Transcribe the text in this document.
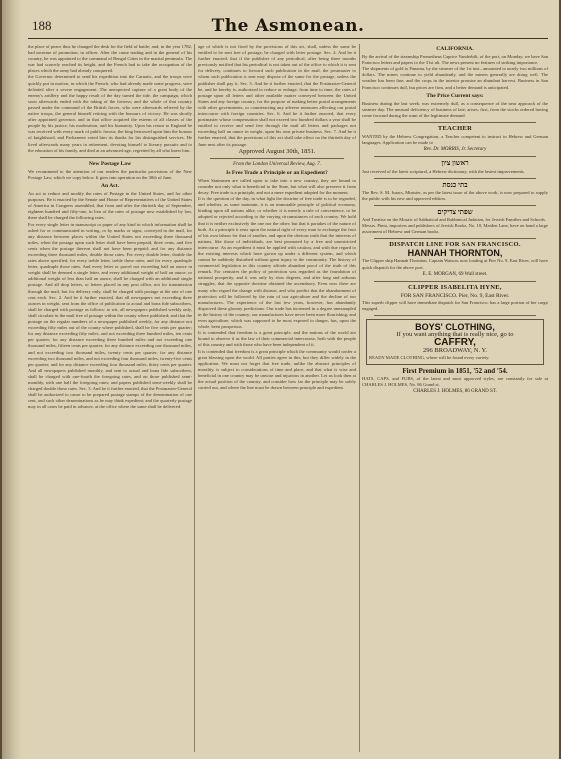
188	The Asmonean.
the place of peace thus he changed the desk for the field of battle; and, in the year 1782, had increase of promotion, in officer. After the cause trading and in the general of his country, he was appointed to the command of Bengal Cities in the marital peninsula. The war had scarcely reached its height, and the French had to take the occupation of the places which the army had already conquered.
the Governor determined to send his expedition into the Carnatic, and the troops were quickly put in motion, in which the French, who had already made some progress, were defeated after a severe engagement. The unexpected capture of a great body of the enemy's artillery and the happy result of the day turned the tide. the campaign, which soon afterwards ended with the taking of the fortress; and the whole of that country passed under the command of the British forces, who were afterwards relieved by the native troops, the general himself retiring with the honours of victory. He was shortly after appointed governor, and in that office acquired the esteem of all classes of the people by his justice, his moderation, and his humanity. Upon his return to England he was received with every mark of public favour; the king bestowed upon him the honour of knighthood, and Parliament voted him its thanks for his distinguished services. He lived afterwards many years in retirement, devoting himself to literary pursuits and to the education of his family, and died at an advanced age, regretted by all who knew him.
New Postage Law
We recommend to the attention of our readers the particular provisions of the New Postage Law, which we copy below. It goes into operation on the 30th of June.
An Act.
An act to reduce and modify the rates of Postage in the United States, and for other purposes. Be it enacted by the Senate and House of Representatives of the United States of America in Congress assembled, that from and after the thirtieth day of September, eighteen hundred and fifty-one, in lieu of the rates of postage now established by law, there shall be charged the following rates.
For every single letter in manuscript or paper of any kind in which information shall be asked for or communicated in writing, or by marks or signs, conveyed in the mail, for any distance between places within the United States not exceeding three thousand miles, when the postage upon such letter shall have been prepaid, three cents, and five cents when the postage thereon shall not have been prepaid; and for any distance exceeding three thousand miles, double those rates. For every double letter, double the rates above specified; for every treble letter, treble those rates; and for every quadruple letter, quadruple those rates. And every letter or parcel not exceeding half an ounce in weight shall be deemed a single letter, and every additional weight of half an ounce, or additional weight of less than half an ounce, shall be charged with an additional single postage. And all drop letters, or letters placed in any post office, not for transmission through the mail, but for delivery only, shall be charged with postage at the rate of one cent each. Sec. 2. And be it further enacted, that all newspapers not exceeding three ounces in weight, sent from the office of publication to actual and bona fide subscribers, shall be charged with postage as follows: to wit, all newspapers published weekly only, shall circulate in the mail free of postage within the county where published; and that the postage on the regular numbers of a newspaper published weekly, for any distance not exceeding fifty miles out of the county where published, shall be five cents per quarter; for any distance exceeding fifty miles, and not exceeding three hundred miles, ten cents per quarter; for any distance exceeding three hundred miles and not exceeding one thousand miles, fifteen cents per quarter; for any distance exceeding one thousand miles, and not exceeding two thousand miles, twenty cents per quarter; for any distance exceeding two thousand miles, and not exceeding four thousand miles, twenty-five cents per quarter; and for any distance exceeding four thousand miles, thirty cents per quarter. And all newspapers published monthly, and sent to actual and bona fide subscribers, shall be charged with one-fourth the foregoing rates, and on those published semi-monthly, with one half the foregoing rates; and papers published semi-weekly shall be charged double those rates. Sec. 3. And be it further enacted, that the Postmaster-General shall be authorized to cause to be prepared postage stamps of the denomination of one cent, and such other denominations as he may think expedient; and the quarterly postage may in all cases be paid in advance, at the office where the same shall be delivered.
age of which is not fixed by the provisions of this act, shall, unless the same be entitled to be sent free of postage, be charged with letter postage. Sec. 4. And be it further enacted, that if the publisher of any periodical, after being three months previously notified that his periodical is not taken out of the office to which it is sent for delivery, continues to forward such publication in the mail, the postmaster to whom such publication is sent may dispose of the same for the postage, unless the publisher shall pay it. Sec. 5. And be it further enacted, that the Postmaster-General be, and he hereby is, authorized to reduce or enlarge, from time to time, the rates of postage upon all letters and other mailable matter conveyed between the United States and any foreign country, for the purpose of making better postal arrangements with other governments, or counteracting any adverse measures affecting our postal intercourse with foreign countries. Sec. 6. And be it further enacted, that every postmaster whose compensation shall not exceed two hundred dollars a year shall be entitled to receive and send free through the mail all letters and packages not exceeding half an ounce in weight, upon his own private business. Sec. 7. And be it further enacted, that the provisions of this act shall take effect on the thirtieth day of June next after its passage.
Approved August 30th, 1851.
From the London Universal Review, Aug. 7.
Is Free Trade a Principle or an Expedient?
When Statesmen are called upon to take into a new country, they are bound to consider not only what is beneficial to the State, but what will also preserve it from decay. Free trade is a principle, and not a mere expedient adopted for the moment.
It is the question of the day, in what light the doctrine of free trade is to be regarded, and whether, as some maintain, it is an immutable principle of political economy, binding upon all nations alike, or whether it is merely a rule of convenience, to be adopted or rejected according to the varying circumstances of each country. We hold that it is neither exclusively the one nor the other; but that it partakes of the nature of both. As a principle it rests upon the natural right of every man to exchange the fruit of his own labour for that of another, and upon the obvious truth that the interests of nations, like those of individuals, are best promoted by a free and unrestricted intercourse. As an expedient it must be applied with caution, and with due regard to the existing interests which have grown up under a different system, and which cannot be suddenly disturbed without great injury to the community. The history of commercial legislation in this country affords abundant proof of the truth of this remark. For centuries the policy of protection was regarded as the foundation of national prosperity, and it was only by slow degrees, and after long and arduous struggles, that the opposite doctrine obtained the ascendancy. Even now there are many who regard the change with distrust, and who predict that the abandonment of protection will be followed by the ruin of our agriculture and the decline of our manufactures. The experience of the last few years, however, has abundantly disproved these gloomy predictions. Our trade has increased in a degree unexampled in the history of the country; our manufactures have never been more flourishing; and even agriculture, which was supposed to be most exposed to danger, has, upon the whole, been prosperous.
It is contended that freedom is a great principle, and the nations of the world are bound to observe it as the law of their commercial intercourse, both with the people of this country and with those who have been independent of it.
It is contended that freedom is a great principle which the community would confer a great blessing upon the world. All parties agree in this; but they differ widely in the application. We must not forget that free trade, unlike the abstract principles of morality, is subject to considerations of time and place, and that what is wise and beneficial in one country may be unwise and injurious in another. Let us look then at the actual position of the country, and consider how far the principle may be safely carried out, and where the line must be drawn between principle and expedient.
CALIFORNIA.
By the arrival of the steamship Prometheus Caprice Vanderbilt, of the port, on Monday, we have San Francisco letters and papers to the 31st ult. The news present no features of striking importance.
The shipments of gold to Panama, by the steamer of the 1st inst., amounted to nearly two millions of dollars. The mines continue to yield abundantly, and the miners generally are doing well. The weather has been fine, and the crops in the interior promise an abundant harvest. Business in San Francisco continues dull, but prices are firm, and a better demand is anticipated.
The Price Current says:
Business during the last week, was extremely dull, as a consequence of the near approach of the steamer day. The unusual deficiency of business of late, arises, first, from the stocks ordered having come forward during the want of the legitimate demand.
TEACHER
WANTED by the Hebrew Congregation, a Teacher competent to instruct in Hebrew and German languages. Application can be made to
Rev. Dr. MORRIS, Jr. Secretary
ראשון ציון
Just received of the latest scriptural, a Hebrew dictionary, with the lastest improvements.
בתי כנסת
The Rev. S. M. Isaacs, Minister, as per the latest issue of the above work, is now prepared to supply the public with his new and approved edition.
שפתי צדיקים
And Treatise on the Mosaic of Sabbatical and Rabbinical Judaism, for Jewish Families and Schools.
Messrs. Pinto, importers and publishers of Jewish Books, No. 10, Maiden Lane, have on hand a large assortment of Hebrew and German books.
DISPATCH LINE FOR SAN FRANCISCO.
HANNAH THORNTON,
The Clipper ship Hannah Thornton, Captain Watson, now loading at Pier No. 9, East River, will have quick dispatch for the above port.
E. E. MORGAN, 69 Wall street.
CLIPPER ISABELITA HYNE,
FOR SAN FRANCISCO. Pier, No. 9, East River.
This superb clipper will have immediate dispatch for San Francisco; has a large portion of her cargo engaged.
BOYS' CLOTHING,
If you want anything that is really nice, go to
CAFFRY,
296 BROADWAY, N. Y.
READY MADE CLOTHING, where will be found every variety.
First Premium in 1851, '52 and '54.
HATS, CAPS, and FURS, of the latest and most approved styles, are constantly for sale at CHARLES J. HOLMES, No. 86 Grand st.
CHARLES J. HOLMES, 86 GRAND ST.
